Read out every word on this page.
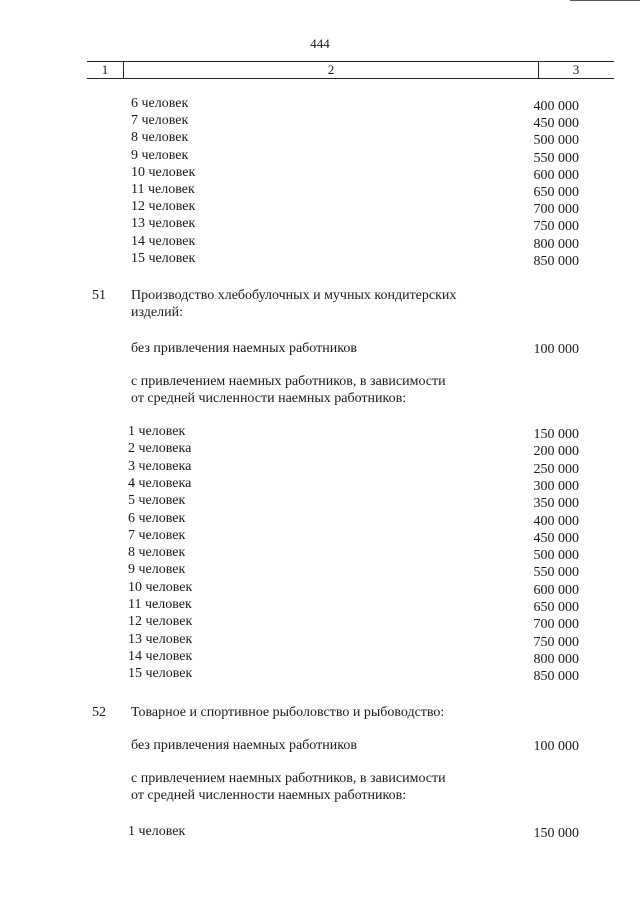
444
1	2	3
6 человек	400 000
7 человек	450 000
8 человек	500 000
9 человек	550 000
10 человек	600 000
11 человек	650 000
12 человек	700 000
13 человек	750 000
14 человек	800 000
15 человек	850 000
51 Производство хлебобулочных и мучных кондитерских
изделий:
без привлечения наемных работников	100 000
с привлечением наемных работников, в зависимости
от средней численности наемных работников:
1 человек	150 000
2 человека	200 000
3 человека	250 000
4 человека	300 000
5 человек	350 000
6 человек	400 000
7 человек	450 000
8 человек	500 000
9 человек	550 000
10 человек	600 000
11 человек	650 000
12 человек	700 000
13 человек	750 000
14 человек	800 000
15 человек	850 000
52 Товарное и спортивное рыболовство и рыбоводство:
без привлечения наемных работников	100 000
с привлечением наемных работников, в зависимости
от средней численности наемных работников:
1 человек	150 000
